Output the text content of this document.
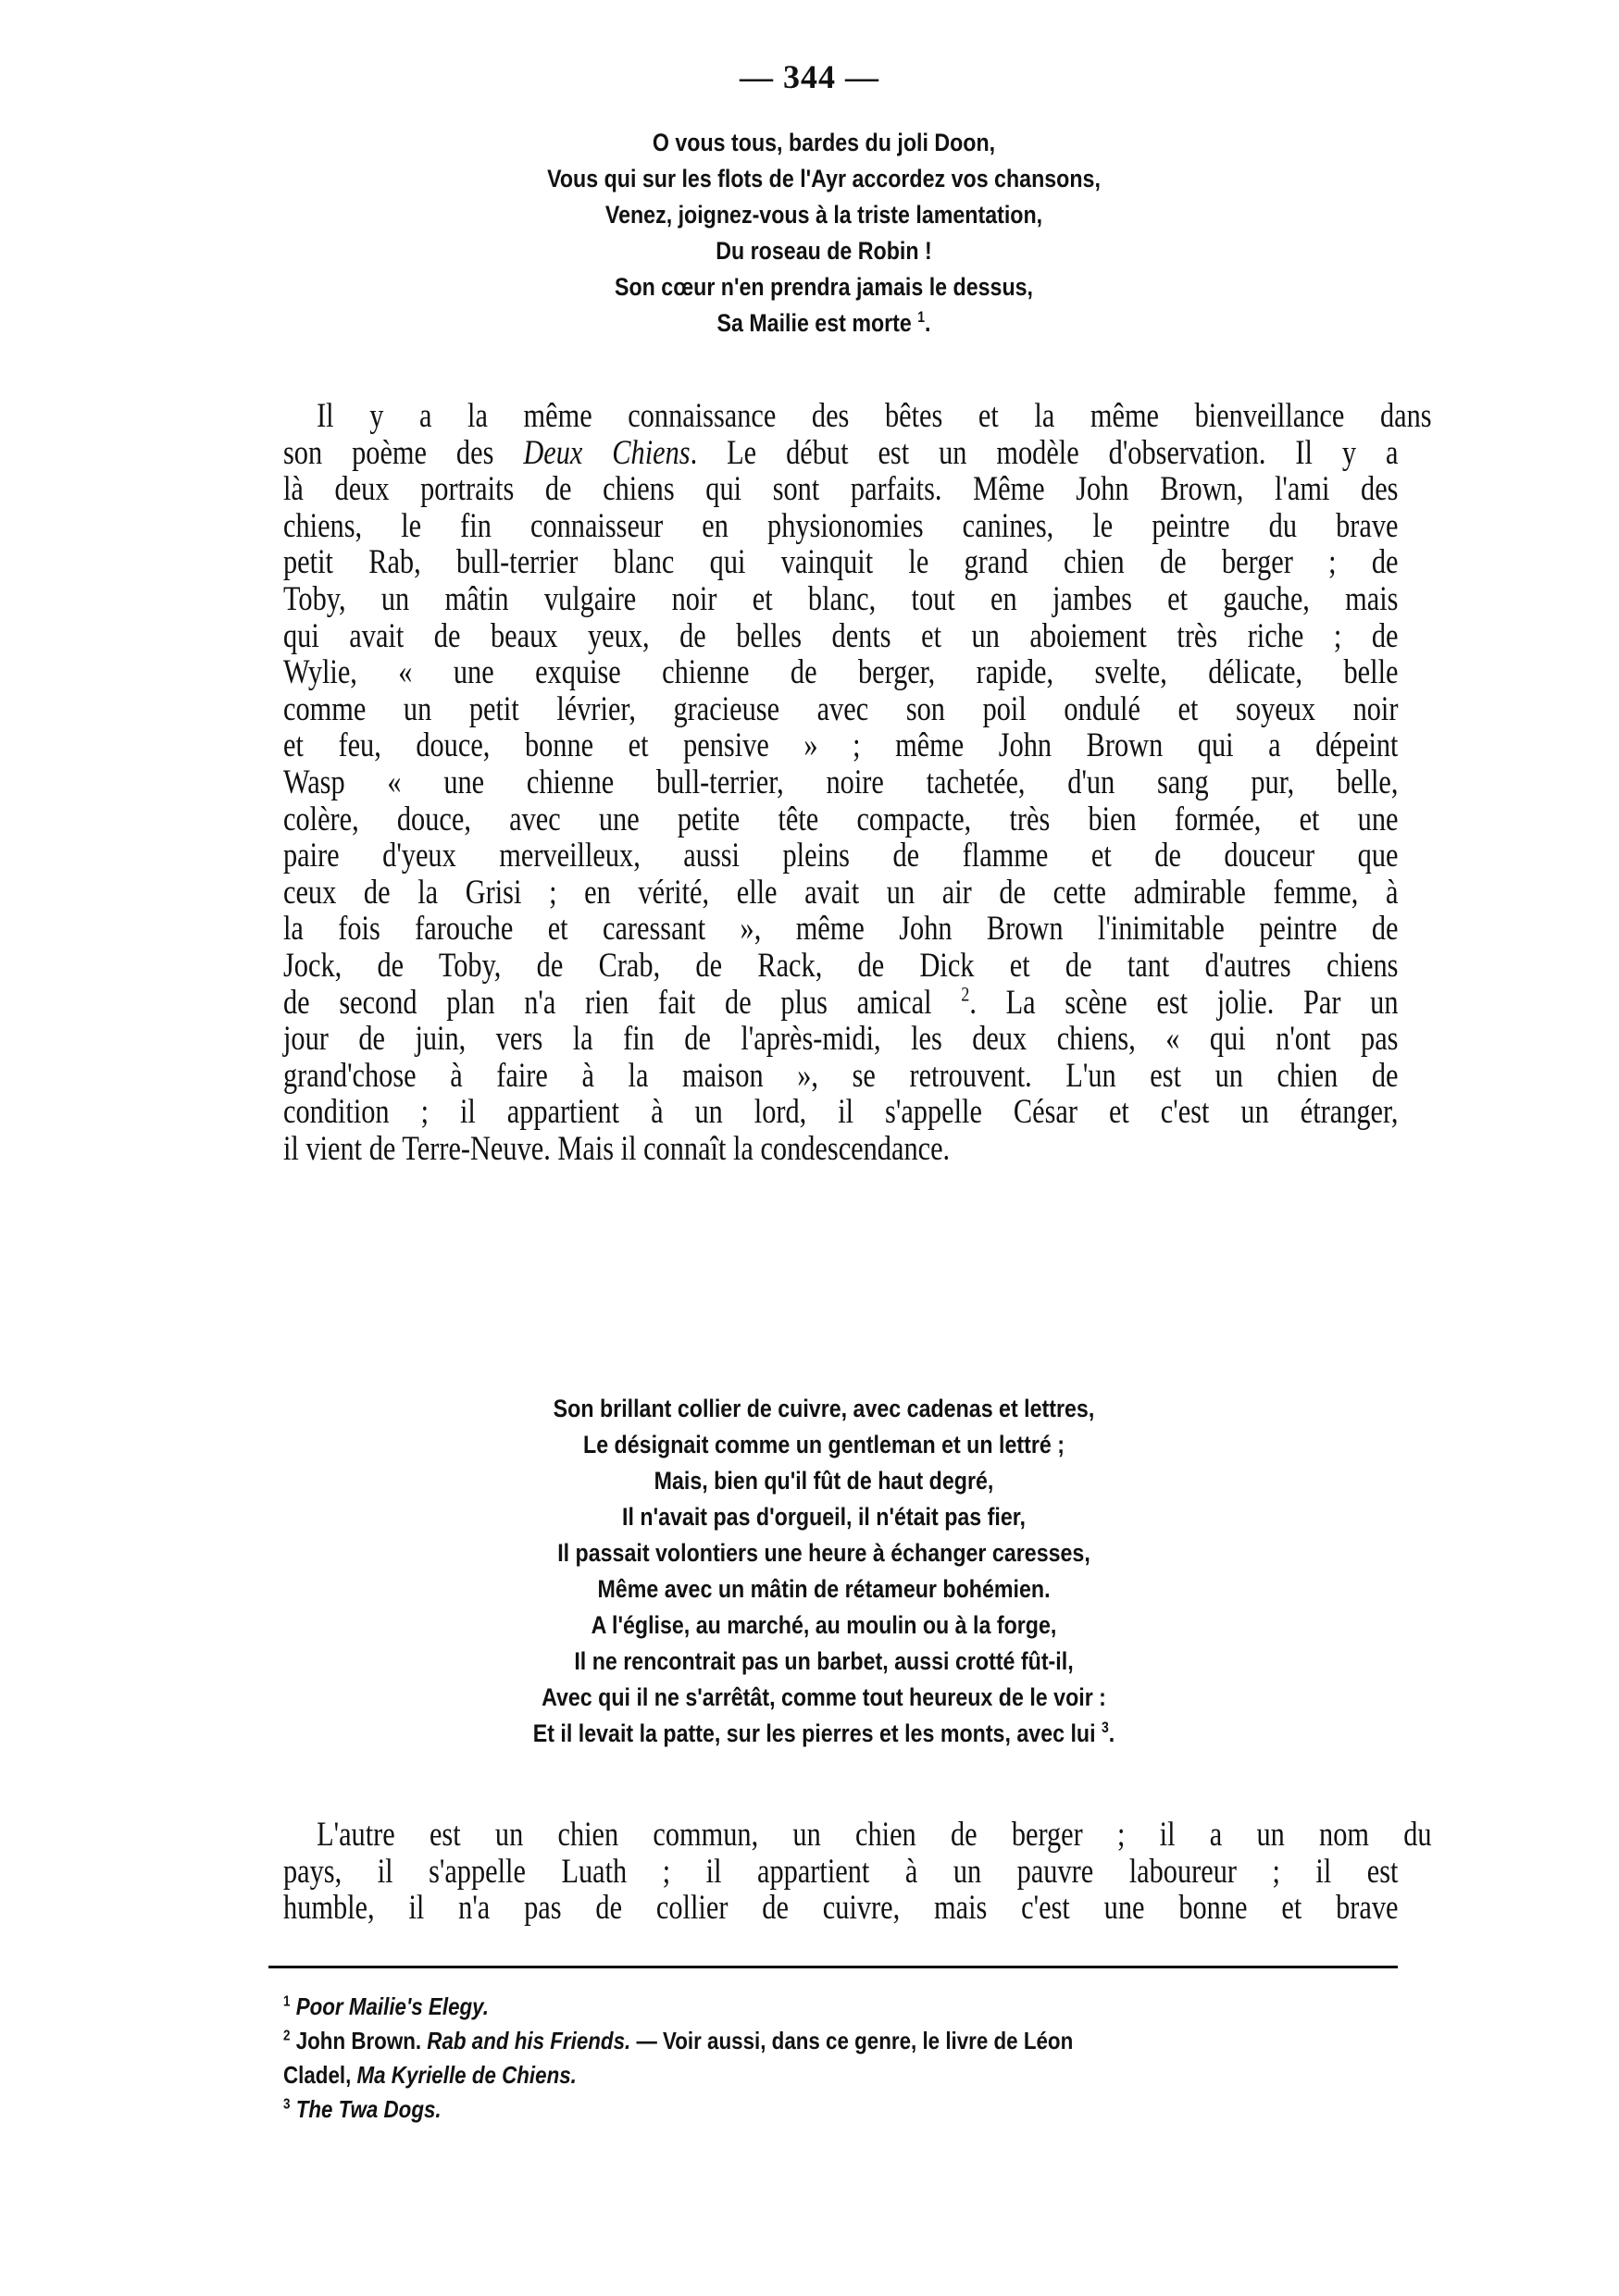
— 344 —
O vous tous, bardes du joli Doon,
Vous qui sur les flots de l'Ayr accordez vos chansons,
Venez, joignez-vous à la triste lamentation,
Du roseau de Robin !
Son cœur n'en prendra jamais le dessus,
Sa Mailie est morte $^1$.
Il y a la même connaissance des bêtes et la même bienveillance dans
son poème des Deux Chiens. Le début est un modèle d'observation. Il y a
là deux portraits de chiens qui sont parfaits. Même John Brown, l'ami des
chiens, le fin connaisseur en physionomies canines, le peintre du brave
petit Rab, bull-terrier blanc qui vainquit le grand chien de berger ; de
Toby, un mâtin vulgaire noir et blanc, tout en jambes et gauche, mais
qui avait de beaux yeux, de belles dents et un aboiement très riche ; de
Wylie, « une exquise chienne de berger, rapide, svelte, délicate, belle
comme un petit lévrier, gracieuse avec son poil ondulé et soyeux noir
et feu, douce, bonne et pensive » ; même John Brown qui a dépeint
Wasp « une chienne bull-terrier, noire tachetée, d'un sang pur, belle,
colère, douce, avec une petite tête compacte, très bien formée, et une
paire d'yeux merveilleux, aussi pleins de flamme et de douceur que
ceux de la Grisi ; en vérité, elle avait un air de cette admirable femme, à
la fois farouche et caressant », même John Brown l'inimitable peintre de
Jock, de Toby, de Crab, de Rack, de Dick et de tant d'autres chiens
de second plan n'a rien fait de plus amical $^2$. La scène est jolie. Par un
jour de juin, vers la fin de l'après-midi, les deux chiens, « qui n'ont pas
grand'chose à faire à la maison », se retrouvent. L'un est un chien de
condition ; il appartient à un lord, il s'appelle César et c'est un étranger,
il vient de Terre-Neuve. Mais il connaît la condescendance.
Son brillant collier de cuivre, avec cadenas et lettres,
Le désignait comme un gentleman et un lettré ;
Mais, bien qu'il fût de haut degré,
Il n'avait pas d'orgueil, il n'était pas fier,
Il passait volontiers une heure à échanger caresses,
Même avec un mâtin de rétameur bohémien.
A l'église, au marché, au moulin ou à la forge,
Il ne rencontrait pas un barbet, aussi crotté fût-il,
Avec qui il ne s'arrêtât, comme tout heureux de le voir :
Et il levait la patte, sur les pierres et les monts, avec lui $^3$.
L'autre est un chien commun, un chien de berger ; il a un nom du
pays, il s'appelle Luath ; il appartient à un pauvre laboureur ; il est
humble, il n'a pas de collier de cuivre, mais c'est une bonne et brave
$^1$ Poor Mailie's Elegy.
$^2$ John Brown. Rab and his Friends. — Voir aussi, dans ce genre, le livre de Léon
Cladel, Ma Kyrielle de Chiens.
$^3$ The Twa Dogs.
